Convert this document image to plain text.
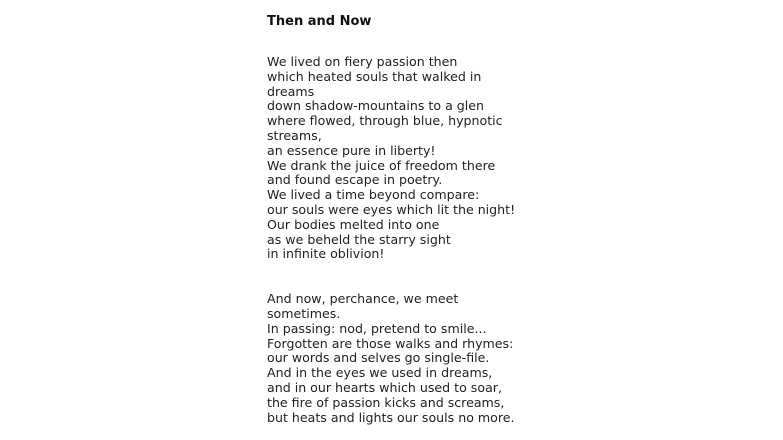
Then and Now
We lived on fiery passion then
which heated souls that walked in
dreams
down shadow-mountains to a glen
where flowed, through blue, hypnotic
streams,
an essence pure in liberty!
We drank the juice of freedom there
and found escape in poetry.
We lived a time beyond compare:
our souls were eyes which lit the night!
Our bodies melted into one
as we beheld the starry sight
in infinite oblivion!
And now, perchance, we meet
sometimes.
In passing: nod, pretend to smile...
Forgotten are those walks and rhymes:
our words and selves go single-file.
And in the eyes we used in dreams,
and in our hearts which used to soar,
the fire of passion kicks and screams,
but heats and lights our souls no more.
